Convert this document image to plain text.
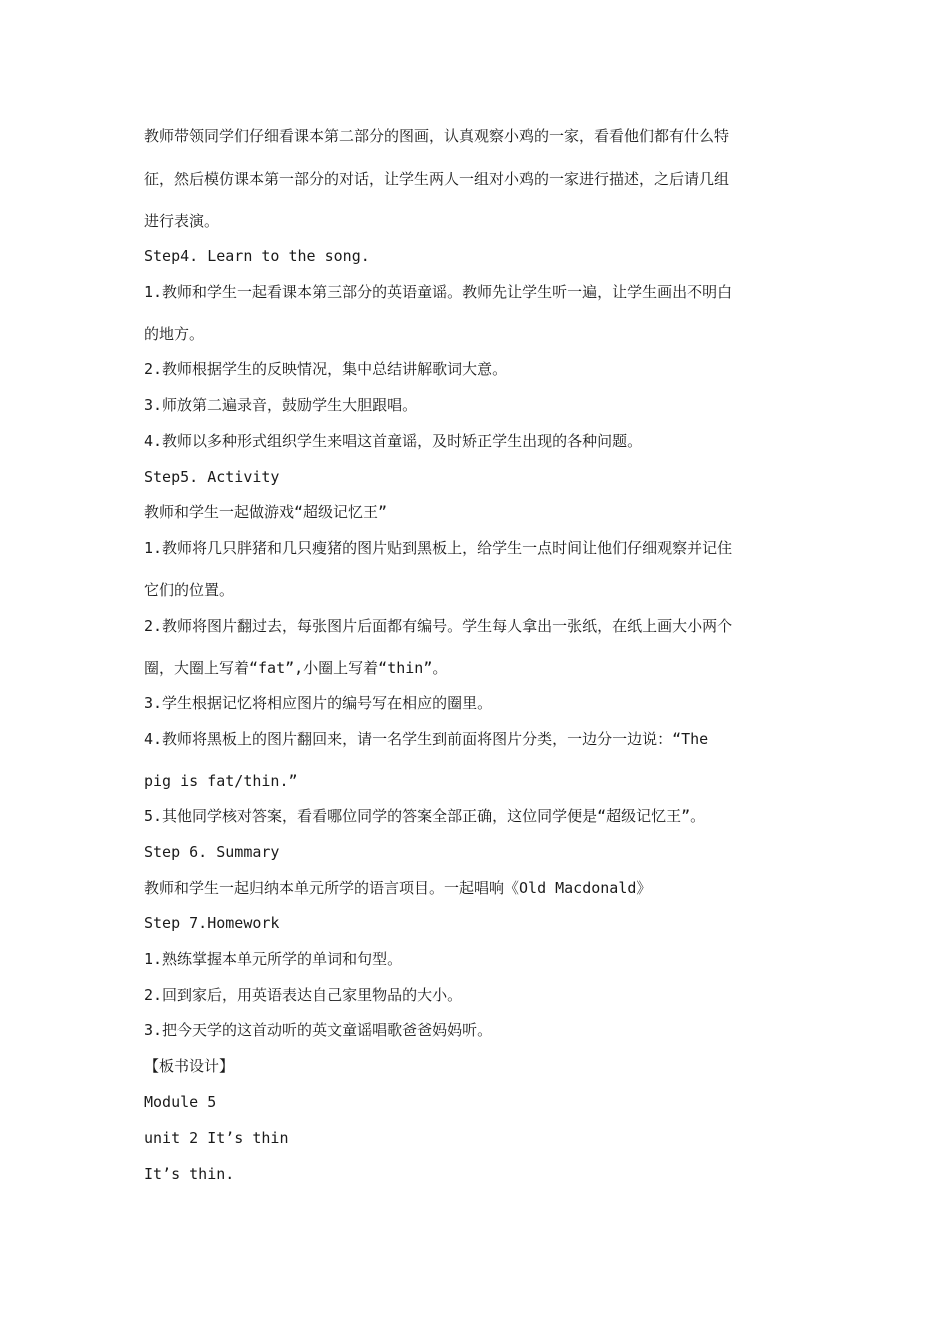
教师带领同学们仔细看课本第二部分的图画，认真观察小鸡的一家，看看他们都有什么特
征，然后模仿课本第一部分的对话，让学生两人一组对小鸡的一家进行描述，之后请几组
进行表演。
Step4. Learn to the song.
1.教师和学生一起看课本第三部分的英语童谣。教师先让学生听一遍，让学生画出不明白
的地方。
2.教师根据学生的反映情况，集中总结讲解歌词大意。
3.师放第二遍录音，鼓励学生大胆跟唱。
4.教师以多种形式组织学生来唱这首童谣，及时矫正学生出现的各种问题。
Step5. Activity
教师和学生一起做游戏“超级记忆王”
1.教师将几只胖猪和几只瘦猪的图片贴到黑板上，给学生一点时间让他们仔细观察并记住
它们的位置。
2.教师将图片翻过去，每张图片后面都有编号。学生每人拿出一张纸，在纸上画大小两个
圈，大圈上写着“fat”,小圈上写着“thin”。
3.学生根据记忆将相应图片的编号写在相应的圈里。
4.教师将黑板上的图片翻回来，请一名学生到前面将图片分类，一边分一边说：“The
pig is fat/thin.”
5.其他同学核对答案，看看哪位同学的答案全部正确，这位同学便是“超级记忆王”。
Step 6. Summary
教师和学生一起归纳本单元所学的语言项目。一起唱响《Old Macdonald》
Step 7.Homework
1.熟练掌握本单元所学的单词和句型。
2.回到家后，用英语表达自己家里物品的大小。
3.把今天学的这首动听的英文童谣唱歌爸爸妈妈听。
【板书设计】
Module 5
unit 2 It’s thin
It’s thin.
